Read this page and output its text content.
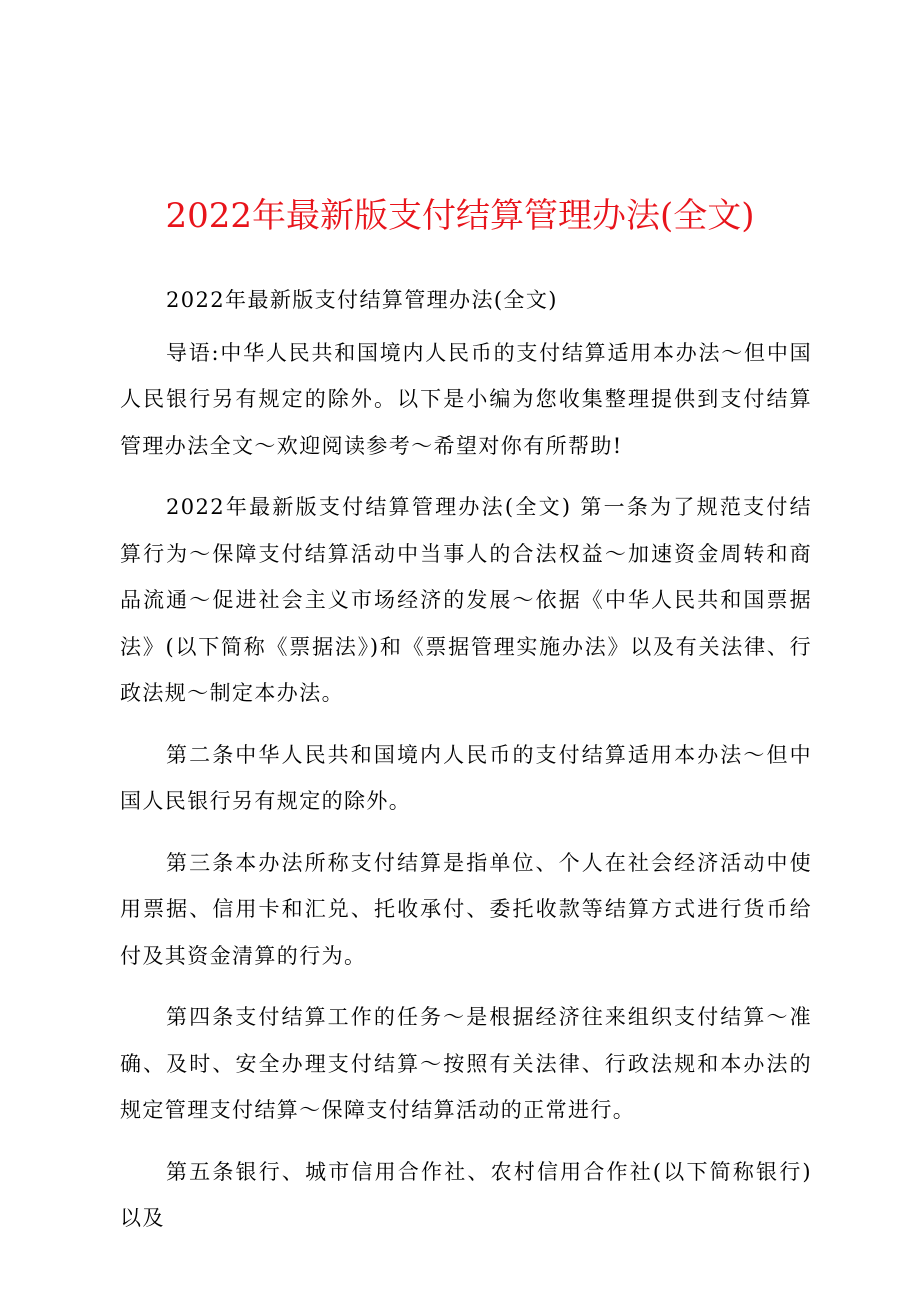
2022年最新版支付结算管理办法(全文)

2022年最新版支付结算管理办法(全文)

导语:中华人民共和国境内人民币的支付结算适用本办法～但中国人民银行另有规定的除外。以下是小编为您收集整理提供到支付结算管理办法全文～欢迎阅读参考～希望对你有所帮助!

2022年最新版支付结算管理办法(全文) 第一条为了规范支付结算行为～保障支付结算活动中当事人的合法权益～加速资金周转和商品流通～促进社会主义市场经济的发展～依据《中华人民共和国票据法》(以下简称《票据法》)和《票据管理实施办法》以及有关法律、行政法规～制定本办法。

第二条中华人民共和国境内人民币的支付结算适用本办法～但中国人民银行另有规定的除外。

第三条本办法所称支付结算是指单位、个人在社会经济活动中使用票据、信用卡和汇兑、托收承付、委托收款等结算方式进行货币给付及其资金清算的行为。

第四条支付结算工作的任务～是根据经济往来组织支付结算～准确、及时、安全办理支付结算～按照有关法律、行政法规和本办法的规定管理支付结算～保障支付结算活动的正常进行。

第五条银行、城市信用合作社、农村信用合作社(以下简称银行)以及
